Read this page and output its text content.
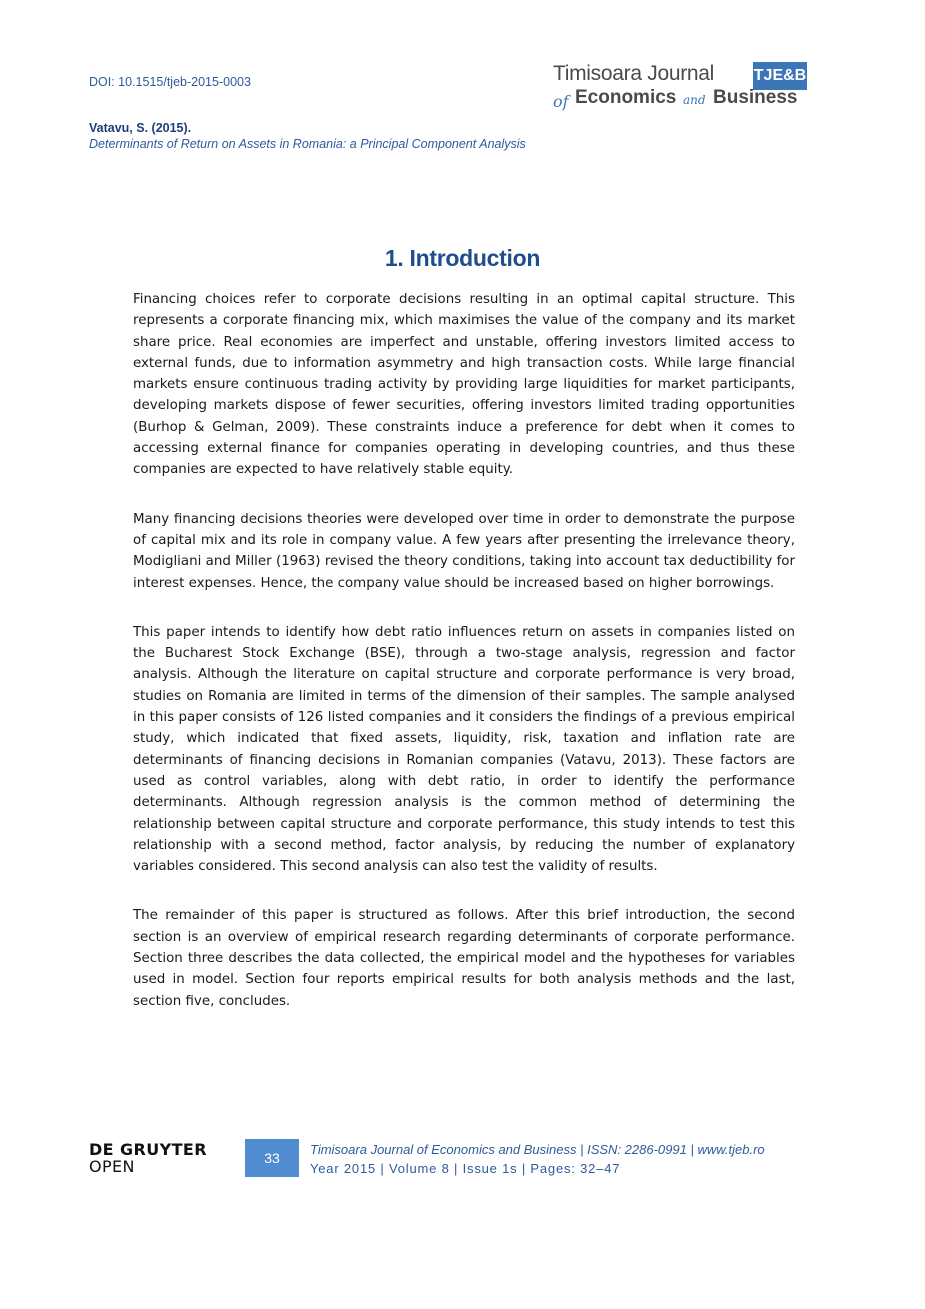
DOI: 10.1515/tjeb-2015-0003	Timisoara Journal TJE&B
of Economics and Business
Vatavu, S. (2015).
Determinants of Return on Assets in Romania: a Principal Component Analysis
1. Introduction

Financing choices refer to corporate decisions resulting in an optimal capital structure. This represents a corporate financing mix, which maximises the value of the company and its market share price. Real economies are imperfect and unstable, offering investors limited access to external funds, due to information asymmetry and high transaction costs. While large financial markets ensure continuous trading activity by providing large liquidities for market participants, developing markets dispose of fewer securities, offering investors limited trading opportunities (Burhop & Gelman, 2009). These constraints induce a preference for debt when it comes to accessing external finance for companies operating in developing countries, and thus these companies are expected to have relatively stable equity.

Many financing decisions theories were developed over time in order to demonstrate the purpose of capital mix and its role in company value. A few years after presenting the irrelevance theory, Modigliani and Miller (1963) revised the theory conditions, taking into account tax deductibility for interest expenses. Hence, the company value should be increased based on higher borrowings.

This paper intends to identify how debt ratio influences return on assets in companies listed on the Bucharest Stock Exchange (BSE), through a two-stage analysis, regression and factor analysis. Although the literature on capital structure and corporate performance is very broad, studies on Romania are limited in terms of the dimension of their samples. The sample analysed in this paper consists of 126 listed companies and it considers the findings of a previous empirical study, which indicated that fixed assets, liquidity, risk, taxation and inflation rate are determinants of financing decisions in Romanian companies (Vatavu, 2013). These factors are used as control variables, along with debt ratio, in order to identify the performance determinants. Although regression analysis is the common method of determining the relationship between capital structure and corporate performance, this study intends to test this relationship with a second method, factor analysis, by reducing the number of explanatory variables considered. This second analysis can also test the validity of results.

The remainder of this paper is structured as follows. After this brief introduction, the second section is an overview of empirical research regarding determinants of corporate performance. Section three describes the data collected, the empirical model and the hypotheses for variables used in model. Section four reports empirical results for both analysis methods and the last, section five, concludes.

DE GRUYTER
OPEN	33
Timisoara Journal of Economics and Business | ISSN: 2286-0991 | www.tjeb.ro
Year 2015 | Volume 8 | Issue 1s | Pages: 32–47
